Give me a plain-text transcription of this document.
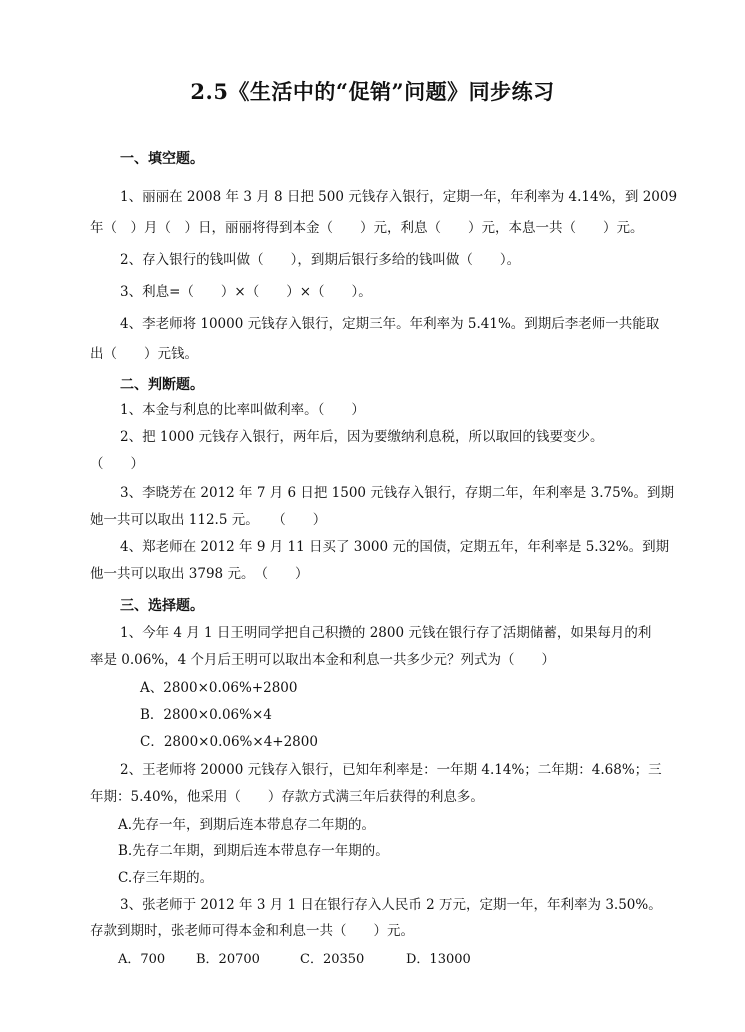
2.5《生活中的“促销”问题》同步练习
一、填空题。
1、丽丽在 2008 年 3 月 8 日把 500 元钱存入银行，定期一年，年利率为 4.14%，到 2009
年（　）月（　）日，丽丽将得到本金（　　）元，利息（　　）元，本息一共（　　）元。
2、存入银行的钱叫做（　　），到期后银行多给的钱叫做（　　）。
3、利息=（　　）×（　　）×（　　）。
4、李老师将 10000 元钱存入银行，定期三年。年利率为 5.41%。到期后李老师一共能取
出（　　）元钱。
二、判断题。
1、本金与利息的比率叫做利率。（　　）
2、把 1000 元钱存入银行，两年后，因为要缴纳利息税，所以取回的钱要变少。
（　　）
3、李晓芳在 2012 年 7 月 6 日把 1500 元钱存入银行，存期二年，年利率是 3.75%。到期
她一共可以取出 112.5 元。　　（　　）
4、郑老师在 2012 年 9 月 11 日买了 3000 元的国债，定期五年，年利率是 5.32%。到期
他一共可以取出 3798 元。　（　　）
三、选择题。
1、今年 4 月 1 日王明同学把自己积攒的 2800 元钱在银行存了活期储蓄，如果每月的利
率是 0.06%，4 个月后王明可以取出本金和利息一共多少元？列式为（　　）
A、2800×0.06%+2800
B．2800×0.06%×4
C．2800×0.06%×4+2800
2、王老师将 20000 元钱存入银行，已知年利率是：一年期 4.14%；二年期：4.68%；三
年期：5.40%，他采用（　　）存款方式满三年后获得的利息多。
A.先存一年，到期后连本带息存二年期的。
B.先存二年期，到期后连本带息存一年期的。
C.存三年期的。
3、张老师于 2012 年 3 月 1 日在银行存入人民币 2 万元，定期一年，年利率为 3.50%。
存款到期时，张老师可得本金和利息一共（　　）元。
A．700 B．20700	C．20350	D．13000
